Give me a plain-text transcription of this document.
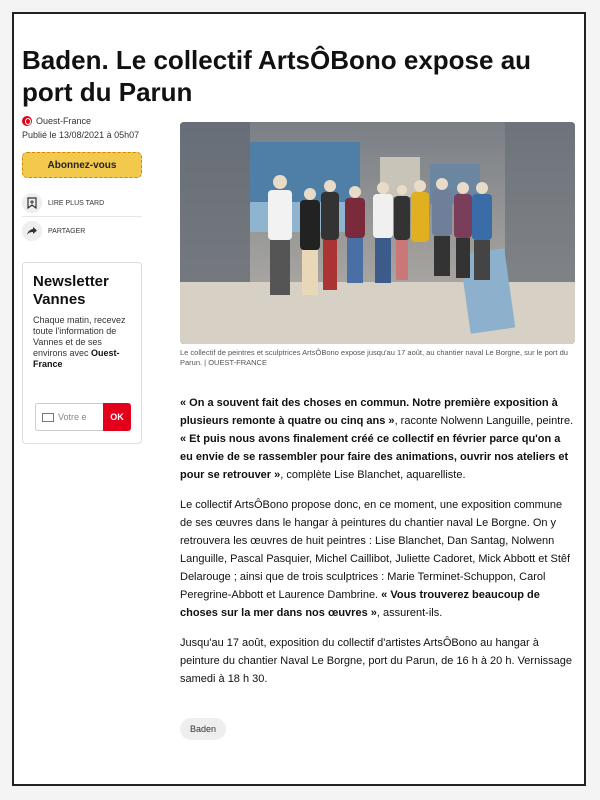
Baden. Le collectif ArtsÔBono expose au port du Parun
Ouest-France
Publié le 13/08/2021 à 05h07
Abonnez-vous
LIRE PLUS TARD
PARTAGER
Newsletter Vannes
Chaque matin, recevez toute l'information de Vannes et de ses environs avec Ouest-France
Votre e	OK
Le collectif de peintres et sculptrices ArtsÔBono expose jusqu'au 17 août, au chantier naval Le Borgne, sur le port du Parun. | OUEST-FRANCE

« On a souvent fait des choses en commun. Notre première exposition à plusieurs remonte à quatre ou cinq ans », raconte Nolwenn Languille, peintre. « Et puis nous avons finalement créé ce collectif en février parce qu'on a eu envie de se rassembler pour faire des animations, ouvrir nos ateliers et pour se retrouver », complète Lise Blanchet, aquarelliste.

Le collectif ArtsÔBono propose donc, en ce moment, une exposition commune de ses œuvres dans le hangar à peintures du chantier naval Le Borgne. On y retrouvera les œuvres de huit peintres : Lise Blanchet, Dan Santag, Nolwenn Languille, Pascal Pasquier, Michel Caillibot, Juliette Cadoret, Mick Abbott et Stêf Delarouge ; ainsi que de trois sculptrices : Marie Terminet-Schuppon, Carol Peregrine-Abbott et Laurence Dambrine. « Vous trouverez beaucoup de choses sur la mer dans nos œuvres », assurent-ils.

Jusqu'au 17 août, exposition du collectif d'artistes ArtsÔBono au hangar à peinture du chantier Naval Le Borgne, port du Parun, de 16 h à 20 h. Vernissage samedi à 18 h 30.

Baden
